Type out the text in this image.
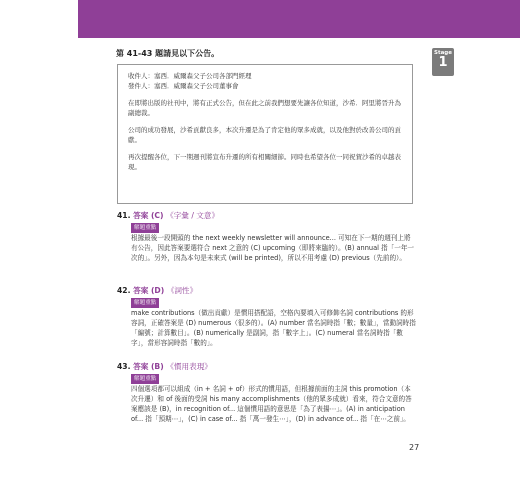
第 41-43 題請見以下公告。	Stage
1

收件人：塞西．威爾森父子公司各部門經理

發件人：塞西．威爾森父子公司董事會

在即將出版的社刊中，將有正式公告，但在此之前我們想要先讓各位知道，沙希．阿里將晉升為副總裁。

公司的成功發展，沙希貢獻良多，本次升遷是為了肯定他的眾多成就，以及他對於改善公司的貢獻。

再次提醒各位，下一期週刊將宣布升遷的所有相關細節。同時也希望各位一同祝賀沙希的卓越表現。

41. 答案 (C) 《字彙 / 文意》
解題重點
根據最後一段開頭的 the next weekly newsletter will announce... 可知在下一期的週刊上將有公告，因此答案要選符合 next 之意的 (C) upcoming（即將來臨的）。(B) annual 指「一年一次的」。另外，因為本句是未來式 (will be printed)，所以不用考慮 (D) previous（先前的）。
42. 答案 (D) 《詞性》
解題重點
make contributions（做出貢獻）是慣用搭配語，空格內要填入可修飾名詞 contributions 的形容詞，正確答案是 (D) numerous（很多的）。(A) number 當名詞時指「數；數量」，當動詞時指「編號；計算數目」。(B) numerically 是副詞，指「數字上」。(C) numeral 當名詞時指「數字」，當形容詞時指「數的」。
43. 答案 (B) 《慣用表現》
解題重點
四個選項都可以組成（in + 名詞 + of）形式的慣用語，但根據前面的主詞 this promotion（本次升遷）和 of 後面的受詞 his many accomplishments（他的眾多成就）看來，符合文意的答案應該是 (B)，in recognition of... 這個慣用語的意思是「為了表揚⋯」。(A) in anticipation of... 指「預期⋯」，(C) in case of... 指「萬一發生⋯」，(D) in advance of... 指「在⋯之前」。
27
